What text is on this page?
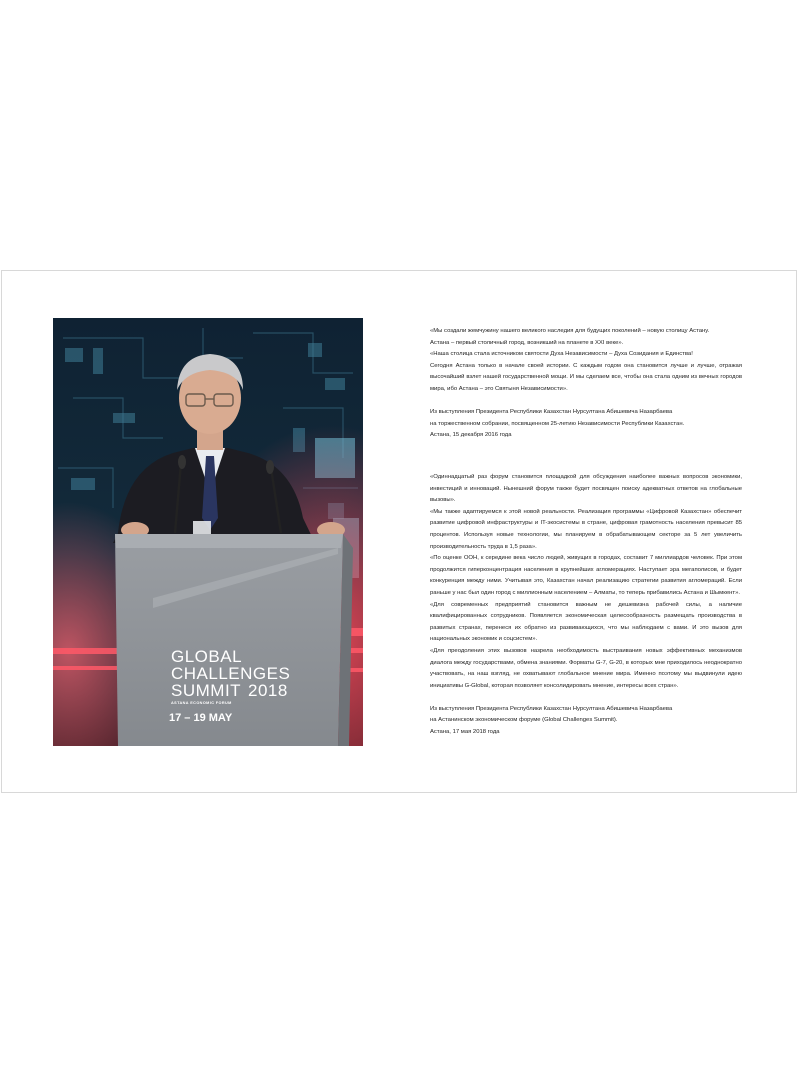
GLOBAL
CHALLENGES
SUMMIT 2018
ASTANA ECONOMIC FORUM
17 – 19 MAY

«Мы создали жемчужину нашего великого наследия для будущих поколений – новую столицу Астану.

Астана – первый столичный город, возникший на планете в XXI веке».

«Наша столица стала источником святости Духа Независимости – Духа Созидания и Единства!

Сегодня Астана только в начале своей истории. С каждым годом она становится лучше и лучше, отражая высочайший взлет нашей государственной мощи. И мы сделаем все, чтобы она стала одним из вечных городов мира, ибо Астана – это Святыня Независимости».

Из выступления Президента Республики Казахстан Нурсултана Абишевича Назарбаева

на торжественном собрании, посвященном 25-летию Независимости Республики Казахстан.

Астана, 15 декабря 2016 года

«Одиннадцатый раз форум становится площадкой для обсуждения наиболее важных вопросов экономики, инвестиций и инноваций. Нынешний форум также будет посвящен поиску адекватных ответов на глобальные вызовы».

«Мы также адаптируемся к этой новой реальности. Реализация программы «Цифровой Казахстан» обеспечит развитие цифровой инфраструктуры и IT-экосистемы в стране, цифровая грамотность населения превысит 85 процентов. Используя новые технологии, мы планируем в обрабатывающем секторе за 5 лет увеличить производительность труда в 1,5 раза».

«По оценке ООН, к середине века число людей, живущих в городах, составит 7 миллиардов человек. При этом продолжится гиперконцентрация населения в крупнейших агломерациях. Наступает эра мегаполисов, и будет конкуренция между ними. Учитывая это, Казахстан начал реализацию стратегии развития агломераций. Если раньше у нас был один город с миллионным населением – Алматы, то теперь прибавились Астана и Шымкент».

«Для современных предприятий становится важным не дешевизна рабочей силы, а наличие квалифицированных сотрудников. Появляется экономическая целесообразность размещать производства в развитых странах, перенеся их обратно из развивающихся, что мы наблюдаем с вами. И это вызов для национальных экономик и соцсистем».

«Для преодоления этих вызовов назрела необходимость выстраивания новых эффективных механизмов диалога между государствами, обмена знаниями. Форматы G-7, G-20, в которых мне приходилось неоднократно участвовать, на наш взгляд, не охватывают глобальное мнение мира. Именно поэтому мы выдвинули идею инициативы G-Global, которая позволяет консолидировать мнение, интересы всех стран».

Из выступления Президента Республики Казахстан Нурсултана Абишевича Назарбаева

на Астанинском экономическом форуме (Global Challenges Summit).

Астана, 17 мая 2018 года
